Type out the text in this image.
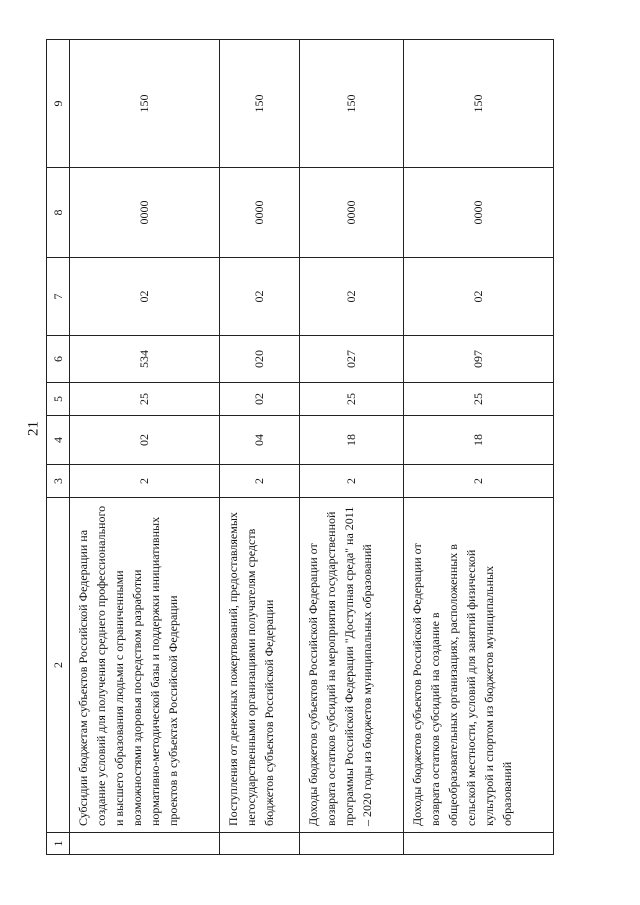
21
1	2	3	4	5	6	7	8	9
	Субсидии бюджетам субъектов Российской Федерации на создание условий для получения среднего профессионального и высшего образования людьми с ограниченными возможностями здоровья посредством разработки нормативно-методической базы и поддержки инициативных проектов в субъектах Российской Федерации	2	02	25	534	02	0000	150
	Поступления от денежных пожертвований, предоставляемых негосударственными организациями получателям средств бюджетов субъектов Российской Федерации	2	04	02	020	02	0000	150
	Доходы бюджетов субъектов Российской Федерации от возврата остатков субсидий на мероприятия государственной программы Российской Федерации "Доступная среда" на 2011 – 2020 годы из бюджетов муниципальных образований	2	18	25	027	02	0000	150
	Доходы бюджетов субъектов Российской Федерации от возврата остатков субсидий на создание в общеобразовательных организациях, расположенных в сельской местности, условий для занятий физической культурой и спортом из бюджетов муниципальных образований	2	18	25	097	02	0000	150
